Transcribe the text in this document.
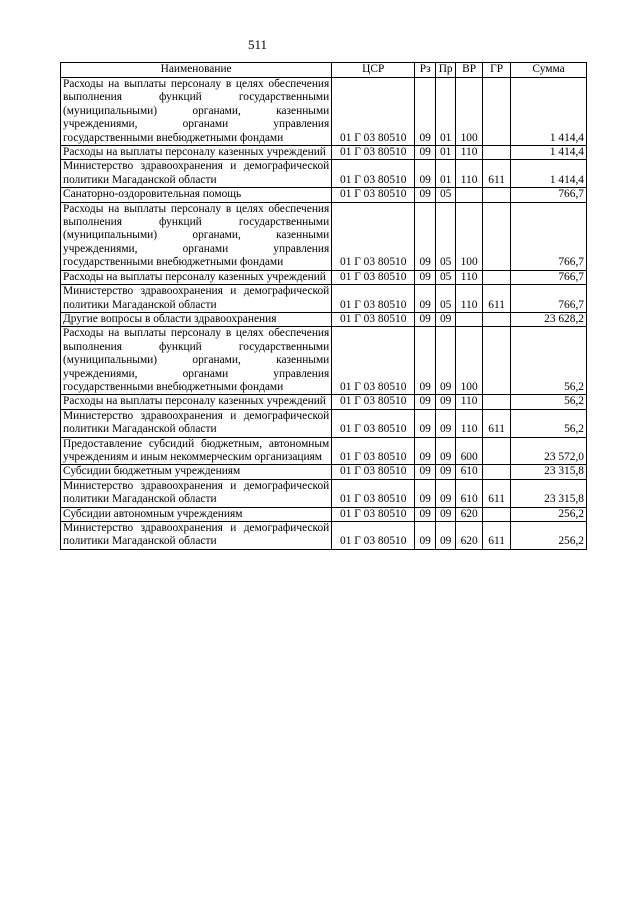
511
Наименование	ЦСР	Рз	Пр	ВР	ГР	Сумма
Расходы на выплаты персоналу в целях обеспечения выполнения функций государственными (муниципальными) органами, казенными учреждениями, органами управления государственными внебюджетными фондами	01 Г 03 80510	09	01	100		1 414,4
Расходы на выплаты персоналу казенных учреждений	01 Г 03 80510	09	01	110		1 414,4
Министерство здравоохранения и демографической политики Магаданской области	01 Г 03 80510	09	01	110	611	1 414,4
Санаторно-оздоровительная помощь	01 Г 03 80510	09	05			766,7
Расходы на выплаты персоналу в целях обеспечения выполнения функций государственными (муниципальными) органами, казенными учреждениями, органами управления государственными внебюджетными фондами	01 Г 03 80510	09	05	100		766,7
Расходы на выплаты персоналу казенных учреждений	01 Г 03 80510	09	05	110		766,7
Министерство здравоохранения и демографической политики Магаданской области	01 Г 03 80510	09	05	110	611	766,7
Другие вопросы в области здравоохранения	01 Г 03 80510	09	09			23 628,2
Расходы на выплаты персоналу в целях обеспечения выполнения функций государственными (муниципальными) органами, казенными учреждениями, органами управления государственными внебюджетными фондами	01 Г 03 80510	09	09	100		56,2
Расходы на выплаты персоналу казенных учреждений	01 Г 03 80510	09	09	110		56,2
Министерство здравоохранения и демографической политики Магаданской области	01 Г 03 80510	09	09	110	611	56,2
Предоставление субсидий бюджетным, автономным учреждениям и иным некоммерческим организациям	01 Г 03 80510	09	09	600		23 572,0
Субсидии бюджетным учреждениям	01 Г 03 80510	09	09	610		23 315,8
Министерство здравоохранения и демографической политики Магаданской области	01 Г 03 80510	09	09	610	611	23 315,8
Субсидии автономным учреждениям	01 Г 03 80510	09	09	620		256,2
Министерство здравоохранения и демографической политики Магаданской области	01 Г 03 80510	09	09	620	611	256,2
